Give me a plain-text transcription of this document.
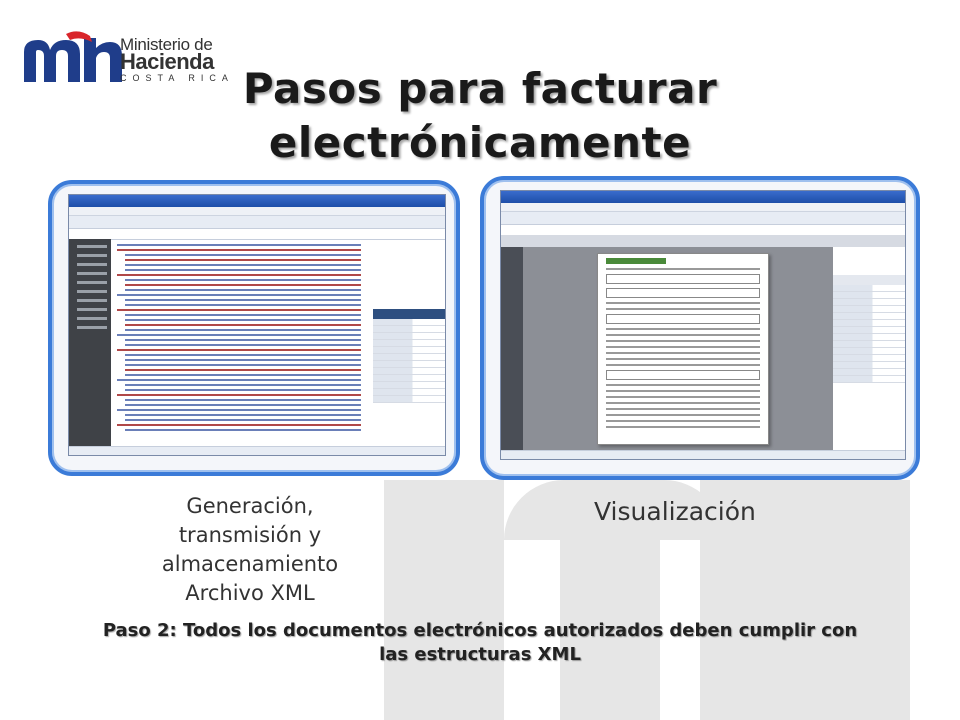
Ministerio de
Hacienda
COSTA RICA Pasos para facturar electrónicamente
Generación, transmisión y almacenamiento Archivo XML
Visualización
Paso 2: Todos los documentos electrónicos autorizados deben cumplir con las estructuras XML
